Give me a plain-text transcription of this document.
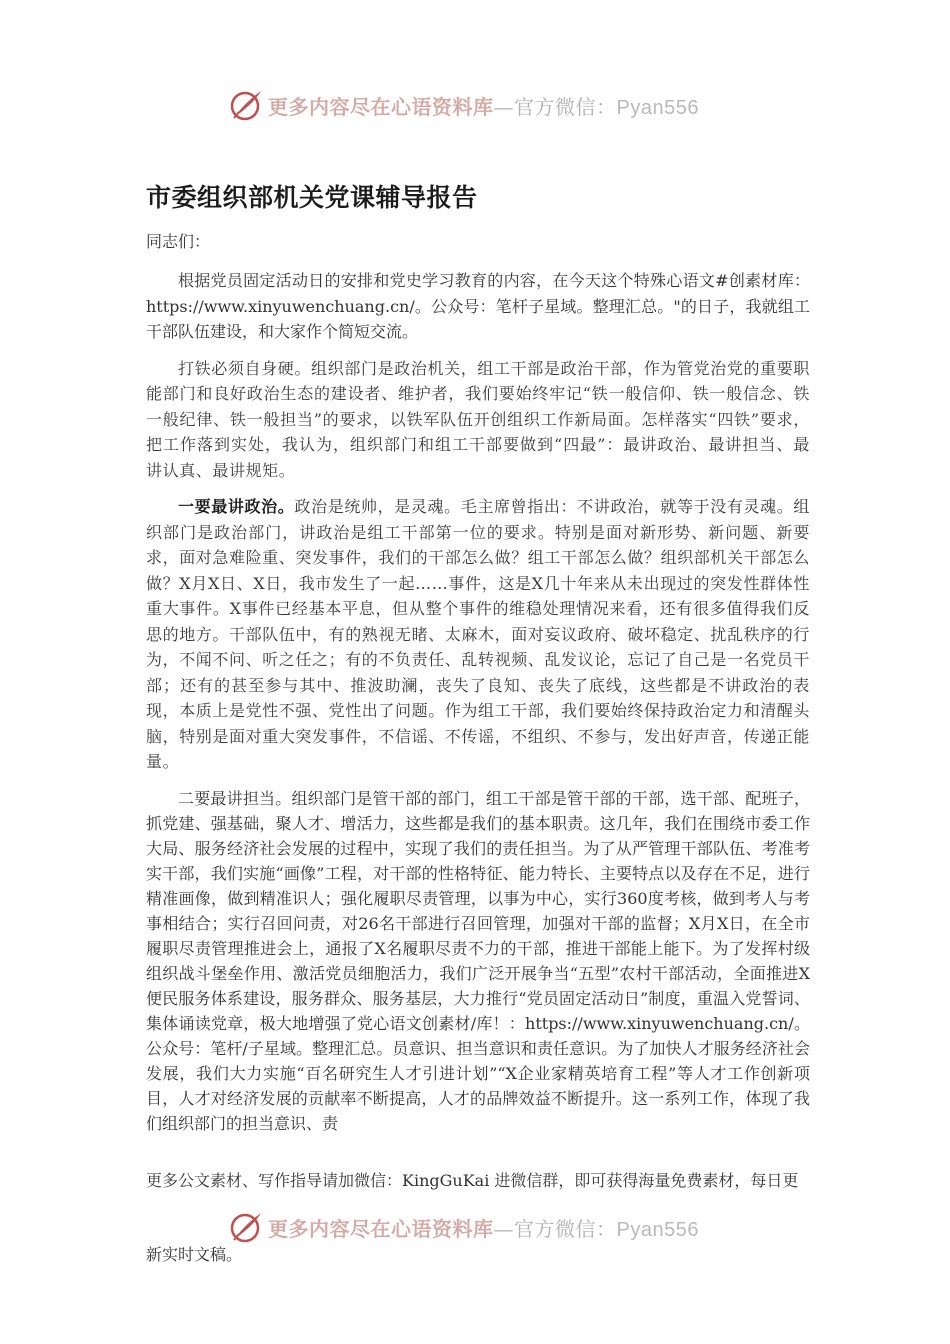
更多内容尽在心语资料库—官方微信：Pyan556
市委组织部机关党课辅导报告

同志们：

根据党员固定活动日的安排和党史学习教育的内容，在今天这个特殊心语文#创素材库：https://www.xinyuwenchuang.cn/。公众号：笔杆子星域。整理汇总。"的日子，我就组工干部队伍建设，和大家作个简短交流。

打铁必须自身硬。组织部门是政治机关，组工干部是政治干部，作为管党治党的重要职能部门和良好政治生态的建设者、维护者，我们要始终牢记“铁一般信仰、铁一般信念、铁一般纪律、铁一般担当”的要求，以铁军队伍开创组织工作新局面。怎样落实“四铁”要求，把工作落到实处，我认为，组织部门和组工干部要做到“四最”：最讲政治、最讲担当、最讲认真、最讲规矩。

一要最讲政治。政治是统帅，是灵魂。毛主席曾指出：不讲政治，就等于没有灵魂。组织部门是政治部门，讲政治是组工干部第一位的要求。特别是面对新形势、新问题、新要求，面对急难险重、突发事件，我们的干部怎么做？组工干部怎么做？组织部机关干部怎么做？X月X日、X日，我市发生了一起……事件，这是X几十年来从未出现过的突发性群体性重大事件。X事件已经基本平息，但从整个事件的维稳处理情况来看，还有很多值得我们反思的地方。干部队伍中，有的熟视无睹、太麻木，面对妄议政府、破坏稳定、扰乱秩序的行为，不闻不问、听之任之；有的不负责任、乱转视频、乱发议论，忘记了自己是一名党员干部；还有的甚至参与其中、推波助澜，丧失了良知、丧失了底线，这些都是不讲政治的表现，本质上是党性不强、党性出了问题。作为组工干部，我们要始终保持政治定力和清醒头脑，特别是面对重大突发事件，不信谣、不传谣，不组织、不参与，发出好声音，传递正能量。

二要最讲担当。组织部门是管干部的部门，组工干部是管干部的干部，选干部、配班子，抓党建、强基础，聚人才、增活力，这些都是我们的基本职责。这几年，我们在围绕市委工作大局、服务经济社会发展的过程中，实现了我们的责任担当。为了从严管理干部队伍、考准考实干部，我们实施“画像”工程，对干部的性格特征、能力特长、主要特点以及存在不足，进行精准画像，做到精准识人；强化履职尽责管理，以事为中心，实行360度考核，做到考人与考事相结合；实行召回问责，对26名干部进行召回管理，加强对干部的监督；X月X日，在全市履职尽责管理推进会上，通报了X名履职尽责不力的干部，推进干部能上能下。为了发挥村级组织战斗堡垒作用、激活党员细胞活力，我们广泛开展争当“五型”农村干部活动，全面推进X便民服务体系建设，服务群众、服务基层，大力推行“党员固定活动日”制度，重温入党誓词、集体诵读党章，极大地增强了党心语文创素材/库！：https://www.xinyuwenchuang.cn/。公众号：笔杆/子星域。整理汇总。员意识、担当意识和责任意识。为了加快人才服务经济社会发展，我们大力实施“百名研究生人才引进计划”“X企业家精英培育工程”等人才工作创新项目，人才对经济发展的贡献率不断提高，人才的品牌效益不断提升。这一系列工作，体现了我们组织部门的担当意识、责

更多公文素材、写作指导请加微信：KingGuKai 进微信群，即可获得海量免费素材，每日更
更多内容尽在心语资料库—官方微信：Pyan556
新实时文稿。
